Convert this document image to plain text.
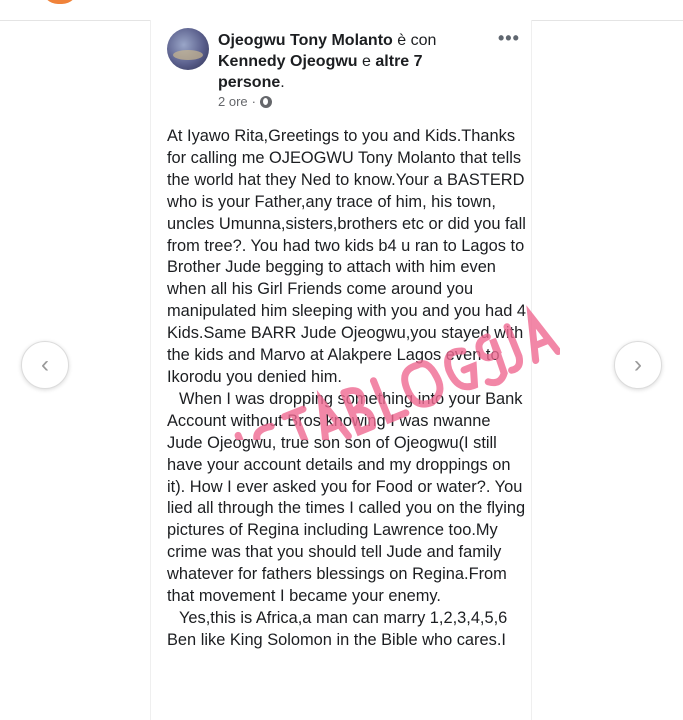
Ojeogwu Tony Molanto è con Kennedy Ojeogwu e altre 7 persone.
2 ore ·
•••

At Iyawo Rita,Greetings to you and Kids.Thanks for calling me OJEOGWU Tony Molanto that tells the world hat they Ned to know.Your a BASTERD who is your Father,any trace of him, his town, uncles Umunna,sisters,brothers etc or did you fall from tree?. You had two kids b4 u ran to Lagos to Brother Jude begging to attach with him even when all his Girl Friends come around you manipulated him sleeping with you and you had 4 Kids.Same BARR Jude Ojeogwu,you stayed with the kids and Marvo at Alakpere Lagos even to Ikorodu you denied him.

When I was dropping something into your Bank Account without Bros knowing I was nwanne Jude Ojeogwu, true son son of Ojeogwu(I still have your account details and my droppings on it). How I ever asked you for Food or water?. You lied all through the times I called you on the flying pictures of Regina including Lawrence too.My crime was that you should tell Jude and family whatever for fathers blessings on Regina.From that movement I became your enemy.

Yes,this is Africa,a man can marry 1,2,3,4,5,6 Ben like King Solomon in the Bible who cares.I

‹	›
